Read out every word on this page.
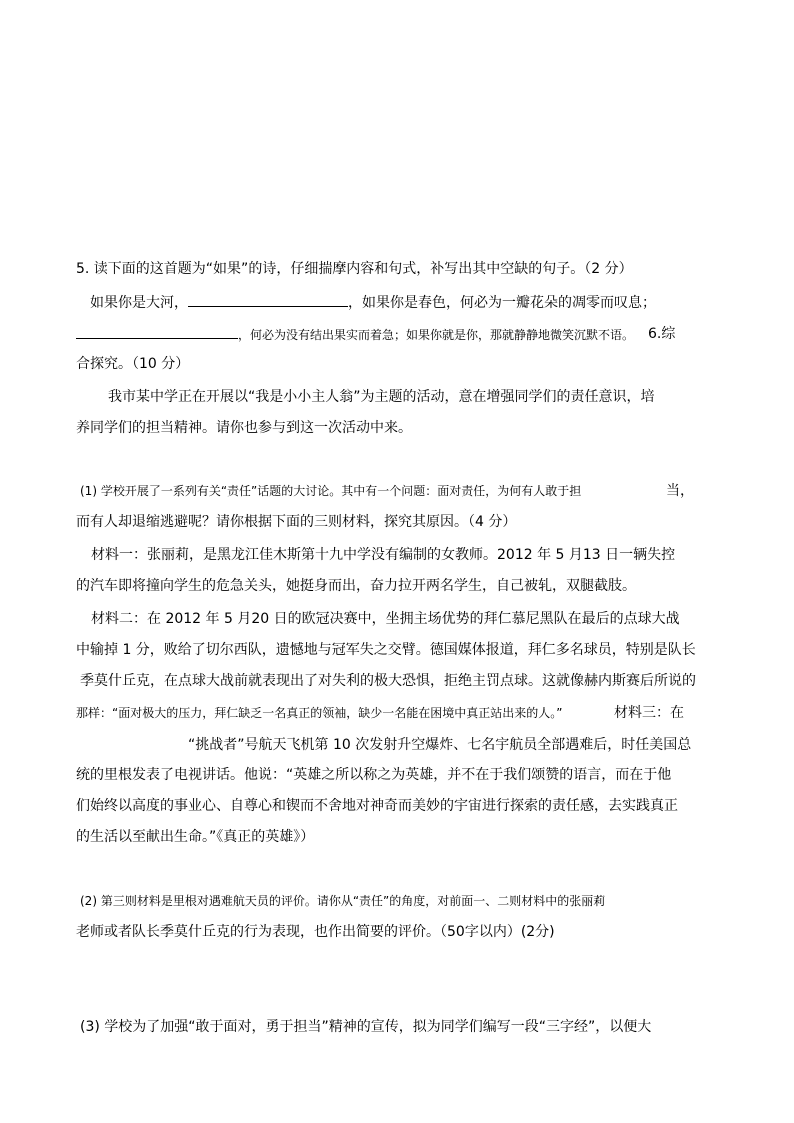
5. 读下面的这首题为“如果”的诗，仔细揣摩内容和句式，补写出其中空缺的句子。（2 分）
如果你是大河，	，如果你是春色，何必为一瓣花朵的凋零而叹息；
，何必为没有结出果实而着急；如果你就是你，那就静静地微笑沉默不语。 6.综
合探究。（10 分）
我市某中学正在开展以“我是小小主人翁”为主题的活动，意在增强同学们的责任意识，培
养同学们的担当精神。请你也参与到这一次活动中来。
(1) 学校开展了一系列有关“责任”话题的大讨论。其中有一个问题：面对责任，为何有人敢于担	当，
而有人却退缩逃避呢？请你根据下面的三则材料，探究其原因。（4 分）
材料一：张丽莉，是黑龙江佳木斯第十九中学没有编制的女教师。2012 年 5 月13 日一辆失控
的汽车即将撞向学生的危急关头，她挺身而出，奋力拉开两名学生，自己被轧，双腿截肢。
材料二：在 2012 年 5 月20 日的欧冠决赛中，坐拥主场优势的拜仁慕尼黑队在最后的点球大战
中输掉 1 分，败给了切尔西队，遗憾地与冠军失之交臂。德国媒体报道，拜仁多名球员，特别是队长
季莫什丘克，在点球大战前就表现出了对失利的极大恐惧，拒绝主罚点球。这就像赫内斯赛后所说的
那样：“面对极大的压力，拜仁缺乏一名真正的领袖，缺少一名能在困境中真正站出来的人。”	材料三：在
“挑战者”号航天飞机第 10 次发射升空爆炸、七名宇航员全部遇难后，时任美国总
统的里根发表了电视讲话。他说：“英雄之所以称之为英雄，并不在于我们颂赞的语言，而在于他
们始终以高度的事业心、自尊心和锲而不舍地对神奇而美妙的宇宙进行探索的责任感，去实践真正
的生活以至献出生命。”《真正的英雄》）
(2) 第三则材料是里根对遇难航天员的评价。请你从“责任”的角度，对前面一、二则材料中的张丽莉
老师或者队长季莫什丘克的行为表现，也作出简要的评价。（50字以内）(2分)
(3) 学校为了加强“敢于面对，勇于担当”精神的宣传，拟为同学们编写一段“三字经”，以便大
